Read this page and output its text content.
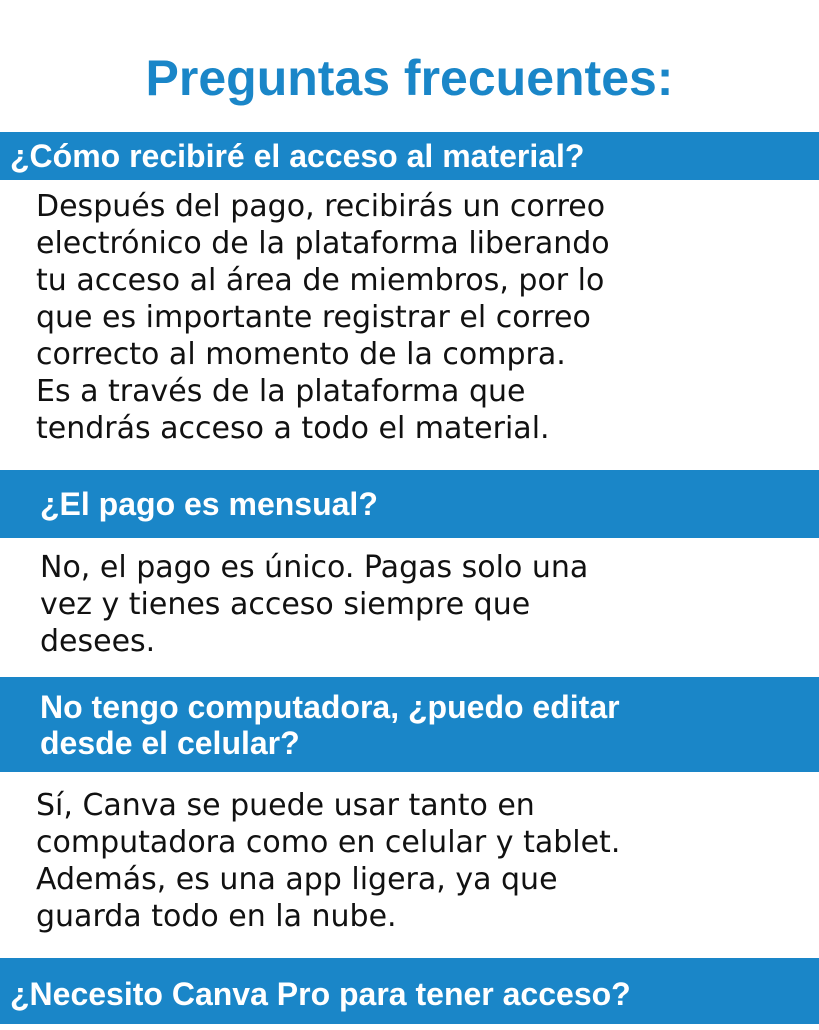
Preguntas frecuentes:
¿Cómo recibiré el acceso al material?

Después del pago, recibirás un correo
electrónico de la plataforma liberando
tu acceso al área de miembros, por lo
que es importante registrar el correo
correcto al momento de la compra.
Es a través de la plataforma que
tendrás acceso a todo el material.

¿El pago es mensual?

No, el pago es único. Pagas solo una
vez y tienes acceso siempre que
desees.

No tengo computadora, ¿puedo editar
desde el celular?

Sí, Canva se puede usar tanto en
computadora como en celular y tablet.
Además, es una app ligera, ya que
guarda todo en la nube.

¿Necesito Canva Pro para tener acceso?
